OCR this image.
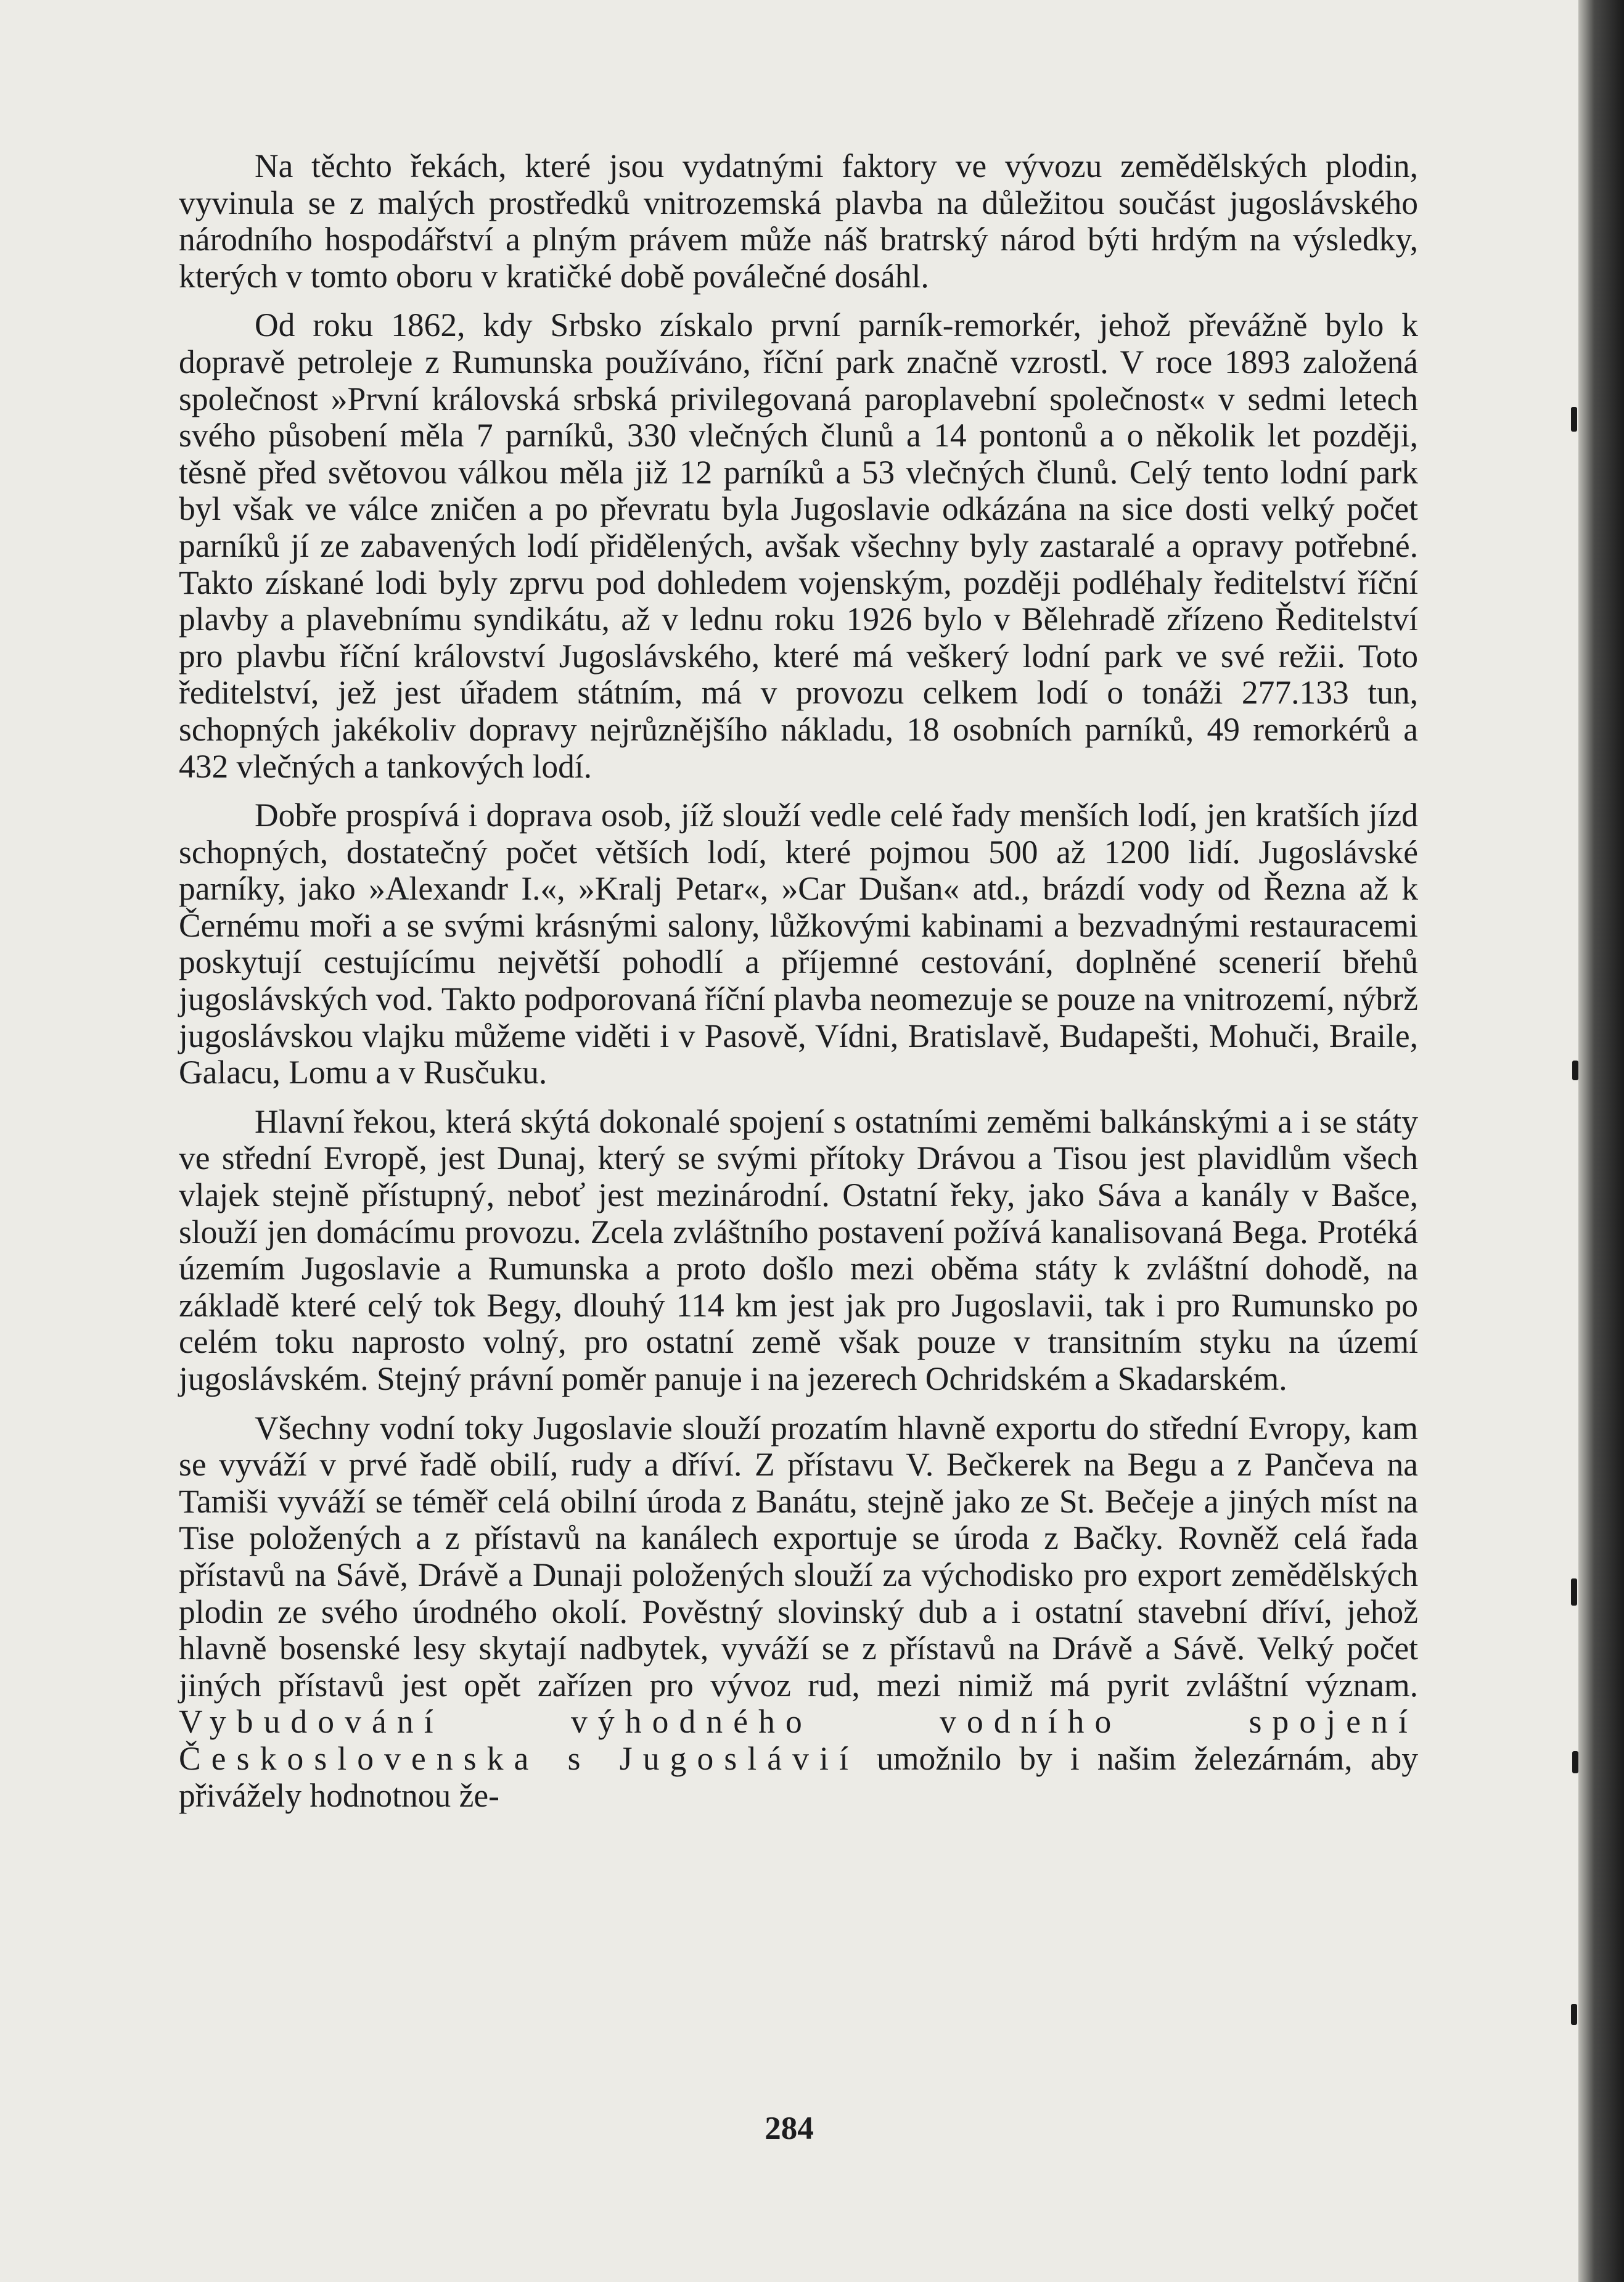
Na těchto řekách, které jsou vydatnými faktory ve vývozu zemědělských plodin, vyvinula se z malých prostředků vnitrozemská plavba na důležitou součást jugoslávského národního hospodářství a plným právem může náš bratrský národ býti hrdým na výsledky, kterých v tomto oboru v kratičké době poválečné dosáhl.

Od roku 1862, kdy Srbsko získalo první parník-remorkér, jehož převážně bylo k dopravě petroleje z Rumunska používáno, říční park značně vzrostl. V roce 1893 založená společnost »První královská srbská privilegovaná paroplavební společnost« v sedmi letech svého působení měla 7 parníků, 330 vlečných člunů a 14 pontonů a o několik let později, těsně před světovou válkou měla již 12 parníků a 53 vlečných člunů. Celý tento lodní park byl však ve válce zničen a po převratu byla Jugoslavie odkázána na sice dosti velký počet parníků jí ze zabavených lodí přidělených, avšak všechny byly zastaralé a opravy potřebné. Takto získané lodi byly zprvu pod dohledem vojenským, později podléhaly ředitelství říční plavby a plavebnímu syndikátu, až v lednu roku 1926 bylo v Bělehradě zřízeno Ředitelství pro plavbu říční království Jugoslávského, které má veškerý lodní park ve své režii. Toto ředitelství, jež jest úřadem státním, má v provozu celkem lodí o tonáži 277.133 tun, schopných jakékoliv dopravy nejrůznějšího nákladu, 18 osobních parníků, 49 remorkérů a 432 vlečných a tankových lodí.

Dobře prospívá i doprava osob, jíž slouží vedle celé řady menších lodí, jen kratších jízd schopných, dostatečný počet větších lodí, které pojmou 500 až 1200 lidí. Jugoslávské parníky, jako »Alexandr I.«, »Kralj Petar«, »Car Dušan« atd., brázdí vody od Řezna až k Černému moři a se svými krásnými salony, lůžkovými kabinami a bezvadnými restauracemi poskytují cestujícímu největší pohodlí a příjemné cestování, doplněné scenerií břehů jugoslávských vod. Takto podporovaná říční plavba neomezuje se pouze na vnitrozemí, nýbrž jugoslávskou vlajku můžeme viděti i v Pasově, Vídni, Bratislavě, Budapešti, Mohuči, Braile, Galacu, Lomu a v Rusčuku.

Hlavní řekou, která skýtá dokonalé spojení s ostatními zeměmi balkánskými a i se státy ve střední Evropě, jest Dunaj, který se svými přítoky Drávou a Tisou jest plavidlům všech vlajek stejně přístupný, neboť jest mezinárodní. Ostatní řeky, jako Sáva a kanály v Bašce, slouží jen domácímu provozu. Zcela zvláštního postavení požívá kanalisovaná Bega. Protéká územím Jugoslavie a Rumunska a proto došlo mezi oběma státy k zvláštní dohodě, na základě které celý tok Begy, dlouhý 114 km jest jak pro Jugoslavii, tak i pro Rumunsko po celém toku naprosto volný, pro ostatní země však pouze v transitním styku na území jugoslávském. Stejný právní poměr panuje i na jezerech Ochridském a Skadarském.

Všechny vodní toky Jugoslavie slouží prozatím hlavně exportu do střední Evropy, kam se vyváží v prvé řadě obilí, rudy a dříví. Z přístavu V. Bečkerek na Begu a z Pančeva na Tamiši vyváží se téměř celá obilní úroda z Banátu, stejně jako ze St. Bečeje a jiných míst na Tise položených a z přístavů na kanálech exportuje se úroda z Bačky. Rovněž celá řada přístavů na Sávě, Drávě a Dunaji položených slouží za východisko pro export zemědělských plodin ze svého úrodného okolí. Pověstný slovinský dub a i ostatní stavební dříví, jehož hlavně bosenské lesy skytají nadbytek, vyváží se z přístavů na Drávě a Sávě. Velký počet jiných přístavů jest opět zařízen pro vývoz rud, mezi nimiž má pyrit zvláštní význam. Vybudování výhodného vodního spojení Československa s Jugoslávií umožnilo by i našim železárnám, aby přivážely hodnotnou že-

284
